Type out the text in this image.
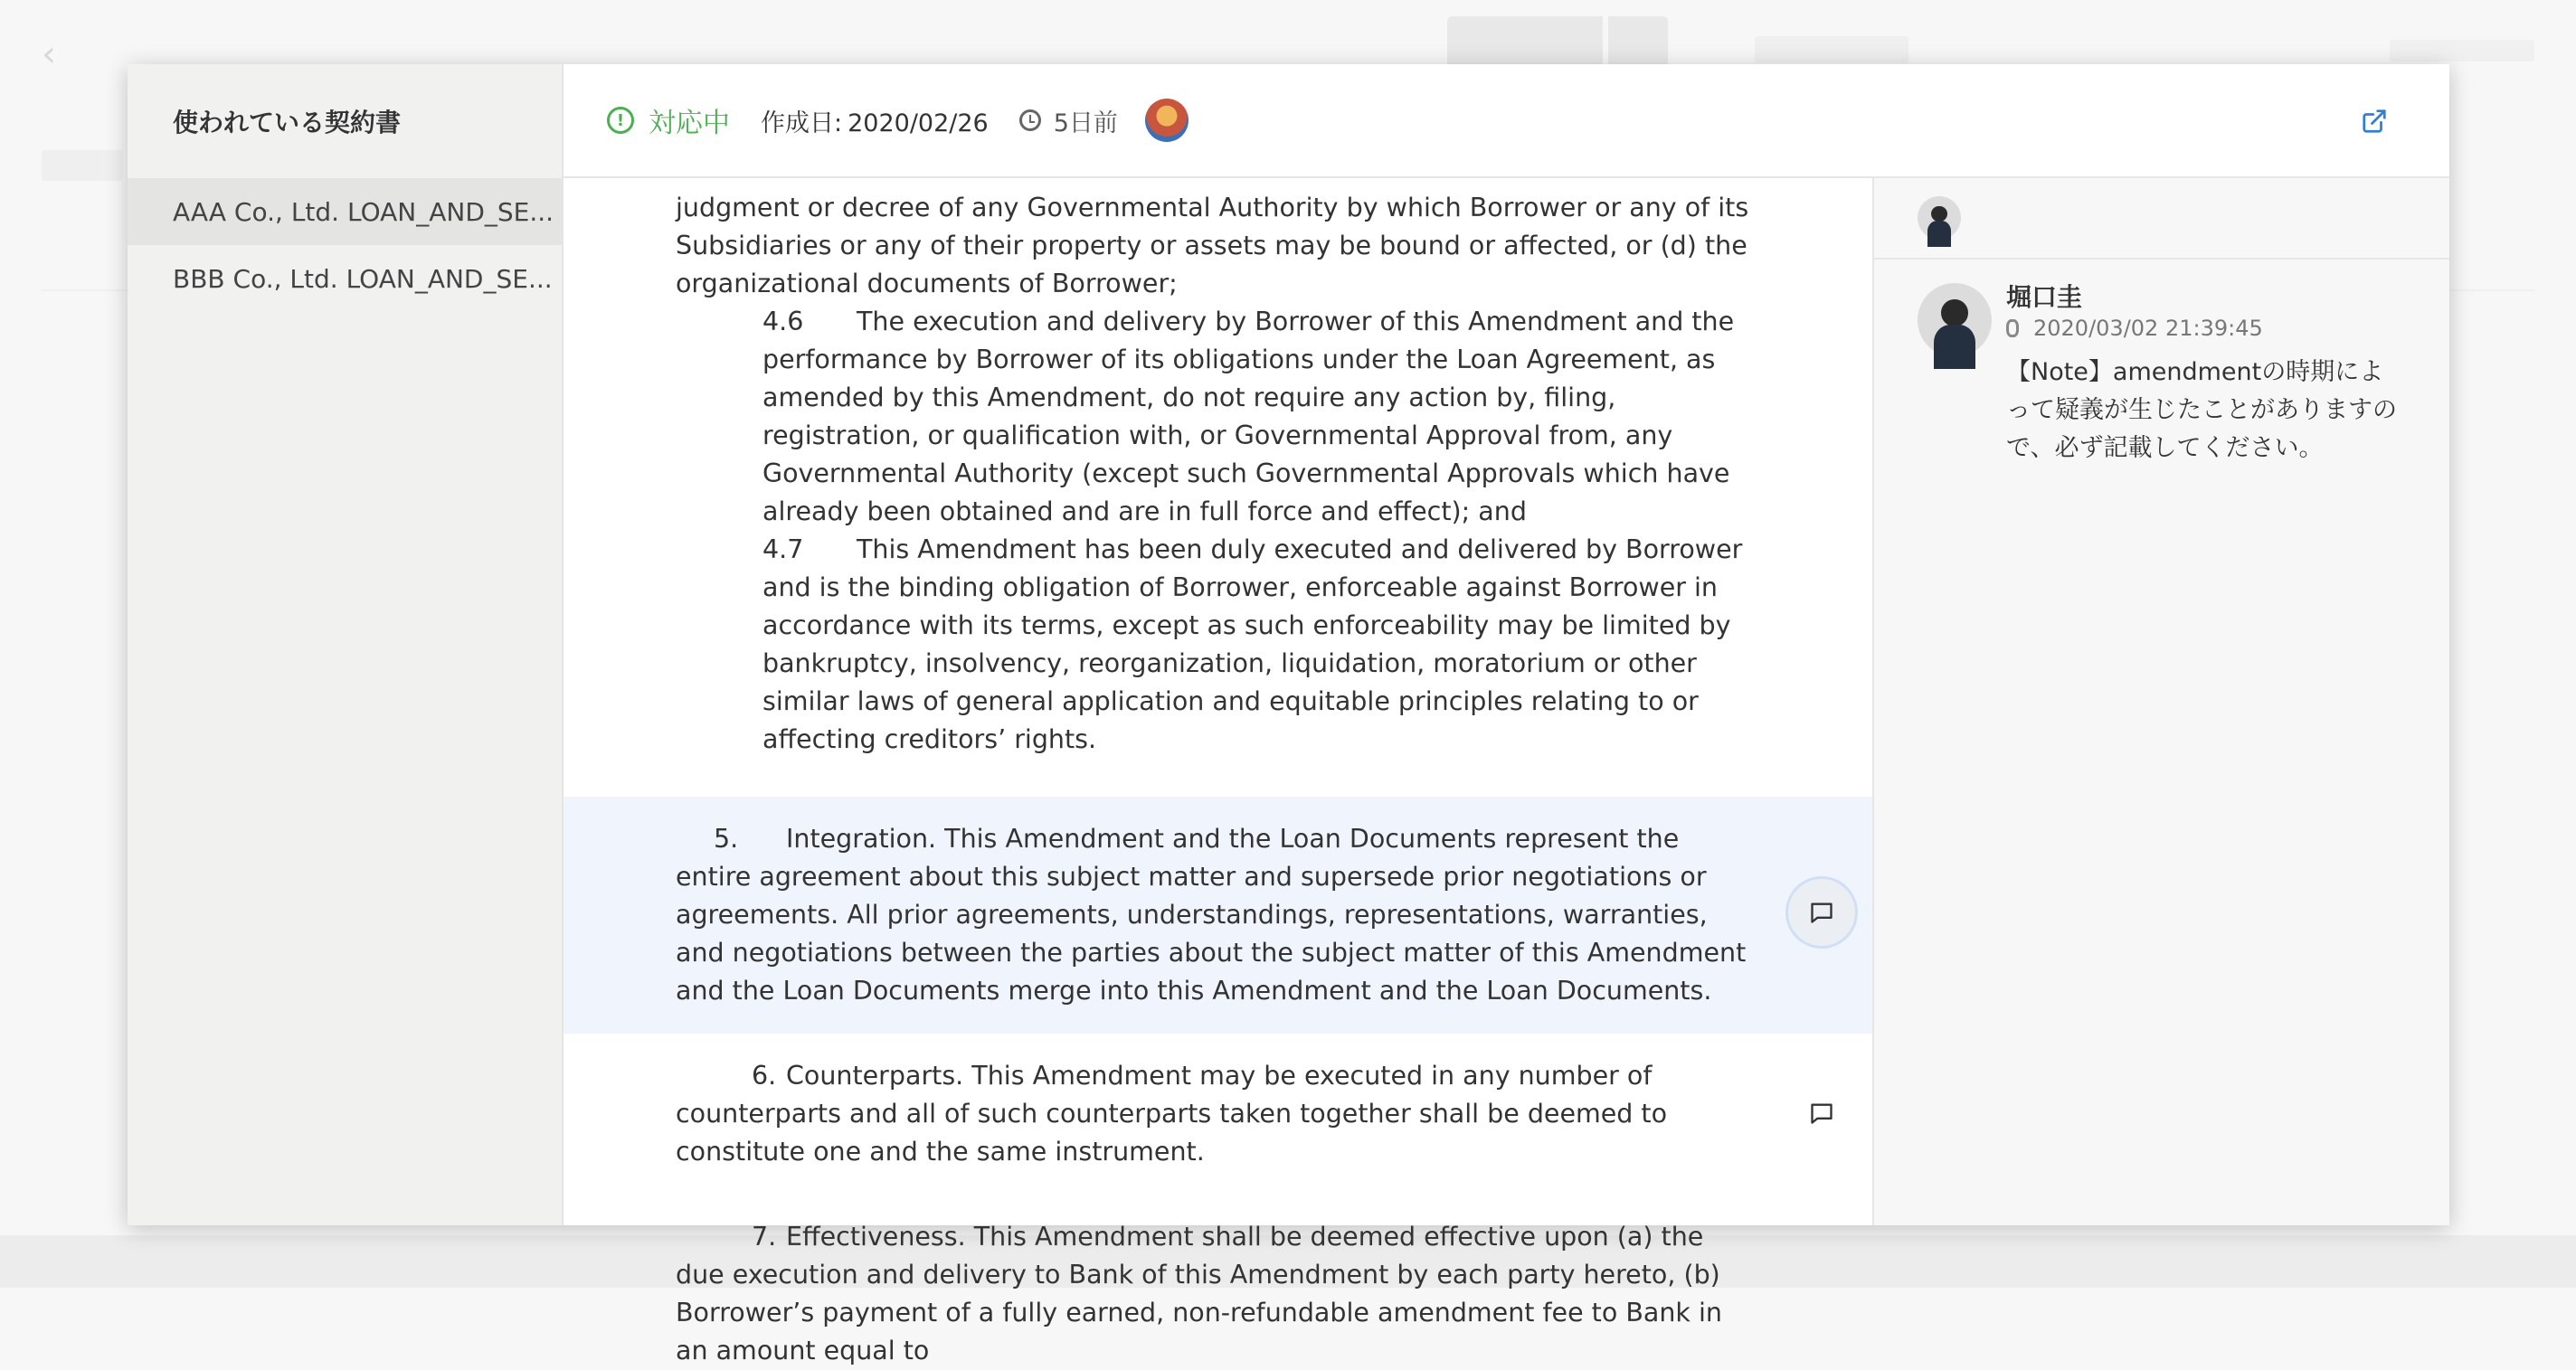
‹
使われている契約書
AAA Co., Ltd. LOAN_AND_SE...
BBB Co., Ltd. LOAN_AND_SE...
! 対応中 作成日: 2020/02/26	5日前

judgment or decree of any Governmental Authority by which Borrower or any of its Subsidiaries or any of their property or assets may be bound or affected, or (d) the organizational documents of Borrower;

4.6 The execution and delivery by Borrower of this Amendment and the performance by Borrower of its obligations under the Loan Agreement, as amended by this Amendment, do not require any action by, filing, registration, or qualification with, or Governmental Approval from, any Governmental Authority (except such Governmental Approvals which have already been obtained and are in full force and effect); and

4.7 This Amendment has been duly executed and delivered by Borrower and is the binding obligation of Borrower, enforceable against Borrower in accordance with its terms, except as such enforceability may be limited by bankruptcy, insolvency, reorganization, liquidation, moratorium or other similar laws of general application and equitable principles relating to or affecting creditors’ rights.

5. Integration. This Amendment and the Loan Documents represent the entire agreement about this subject matter and supersede prior negotiations or agreements. All prior agreements, understandings, representations, warranties, and negotiations between the parties about the subject matter of this Amendment and the Loan Documents merge into this Amendment and the Loan Documents.

6. Counterparts. This Amendment may be executed in any number of counterparts and all of such counterparts taken together shall be deemed to constitute one and the same instrument.

7. Effectiveness. This Amendment shall be deemed effective upon (a) the due execution and delivery to Bank of this Amendment by each party hereto, (b) Borrower’s payment of a fully earned, non-refundable amendment fee to Bank in an amount equal to

堀口圭
2020/03/02 21:39:45
【Note】amendmentの時期によって疑義が生じたことがありますので、必ず記載してください。
